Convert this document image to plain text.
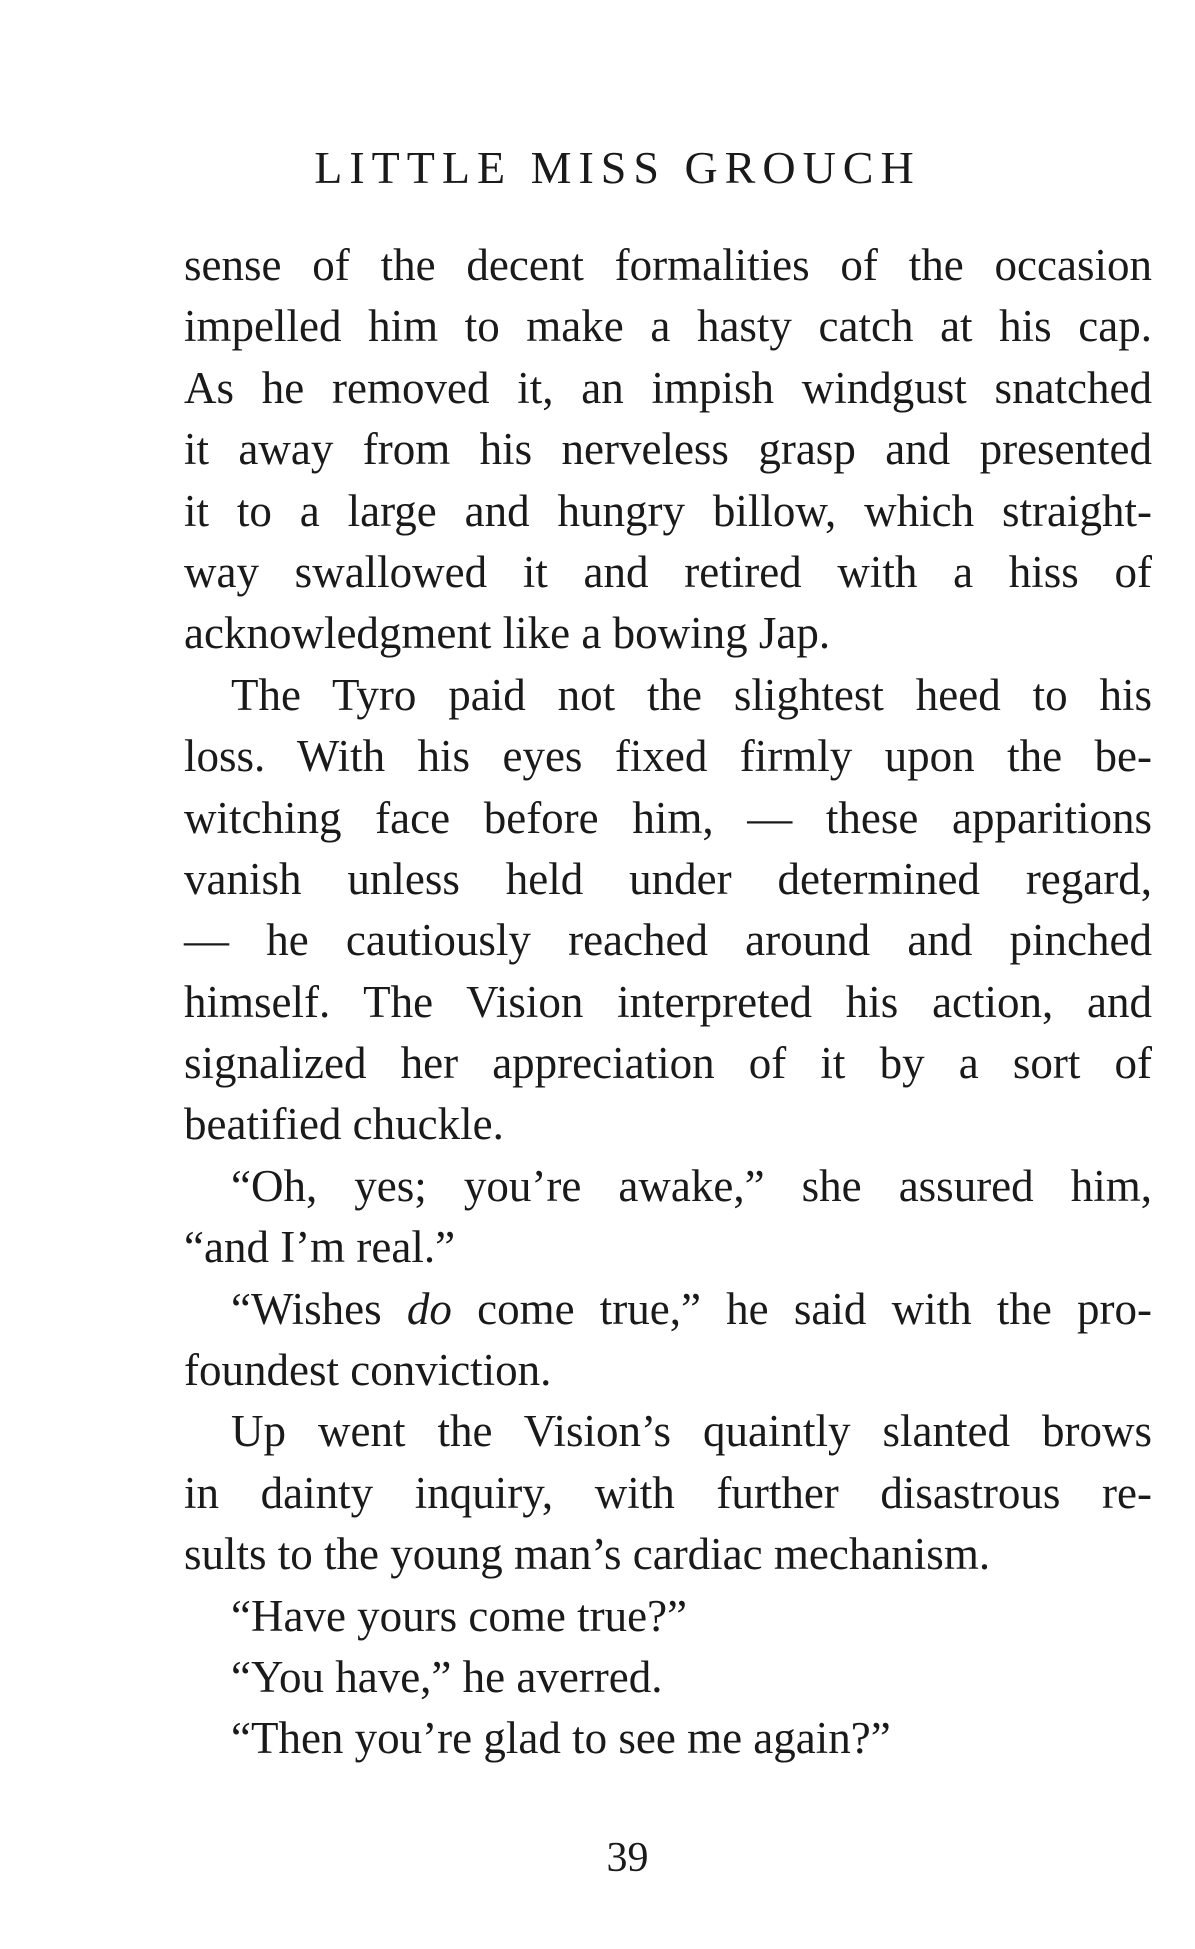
LITTLE MISS GROUCH
sense of the decent formalities of the occasion
impelled him to make a hasty catch at his cap.
As he removed it, an impish windgust snatched
it away from his nerveless grasp and presented
it to a large and hungry billow, which straight-
way swallowed it and retired with a hiss of
acknowledgment like a bowing Jap.
The Tyro paid not the slightest heed to his
loss. With his eyes fixed firmly upon the be-
witching face before him, — these apparitions
vanish unless held under determined regard,
— he cautiously reached around and pinched
himself. The Vision interpreted his action, and
signalized her appreciation of it by a sort of
beatified chuckle.
“Oh, yes; you’re awake,” she assured him,
“and I’m real.”
“Wishes do come true,” he said with the pro-
foundest conviction.
Up went the Vision’s quaintly slanted brows
in dainty inquiry, with further disastrous re-
sults to the young man’s cardiac mechanism.
“Have yours come true?”
“You have,” he averred.
“Then you’re glad to see me again?”
39
